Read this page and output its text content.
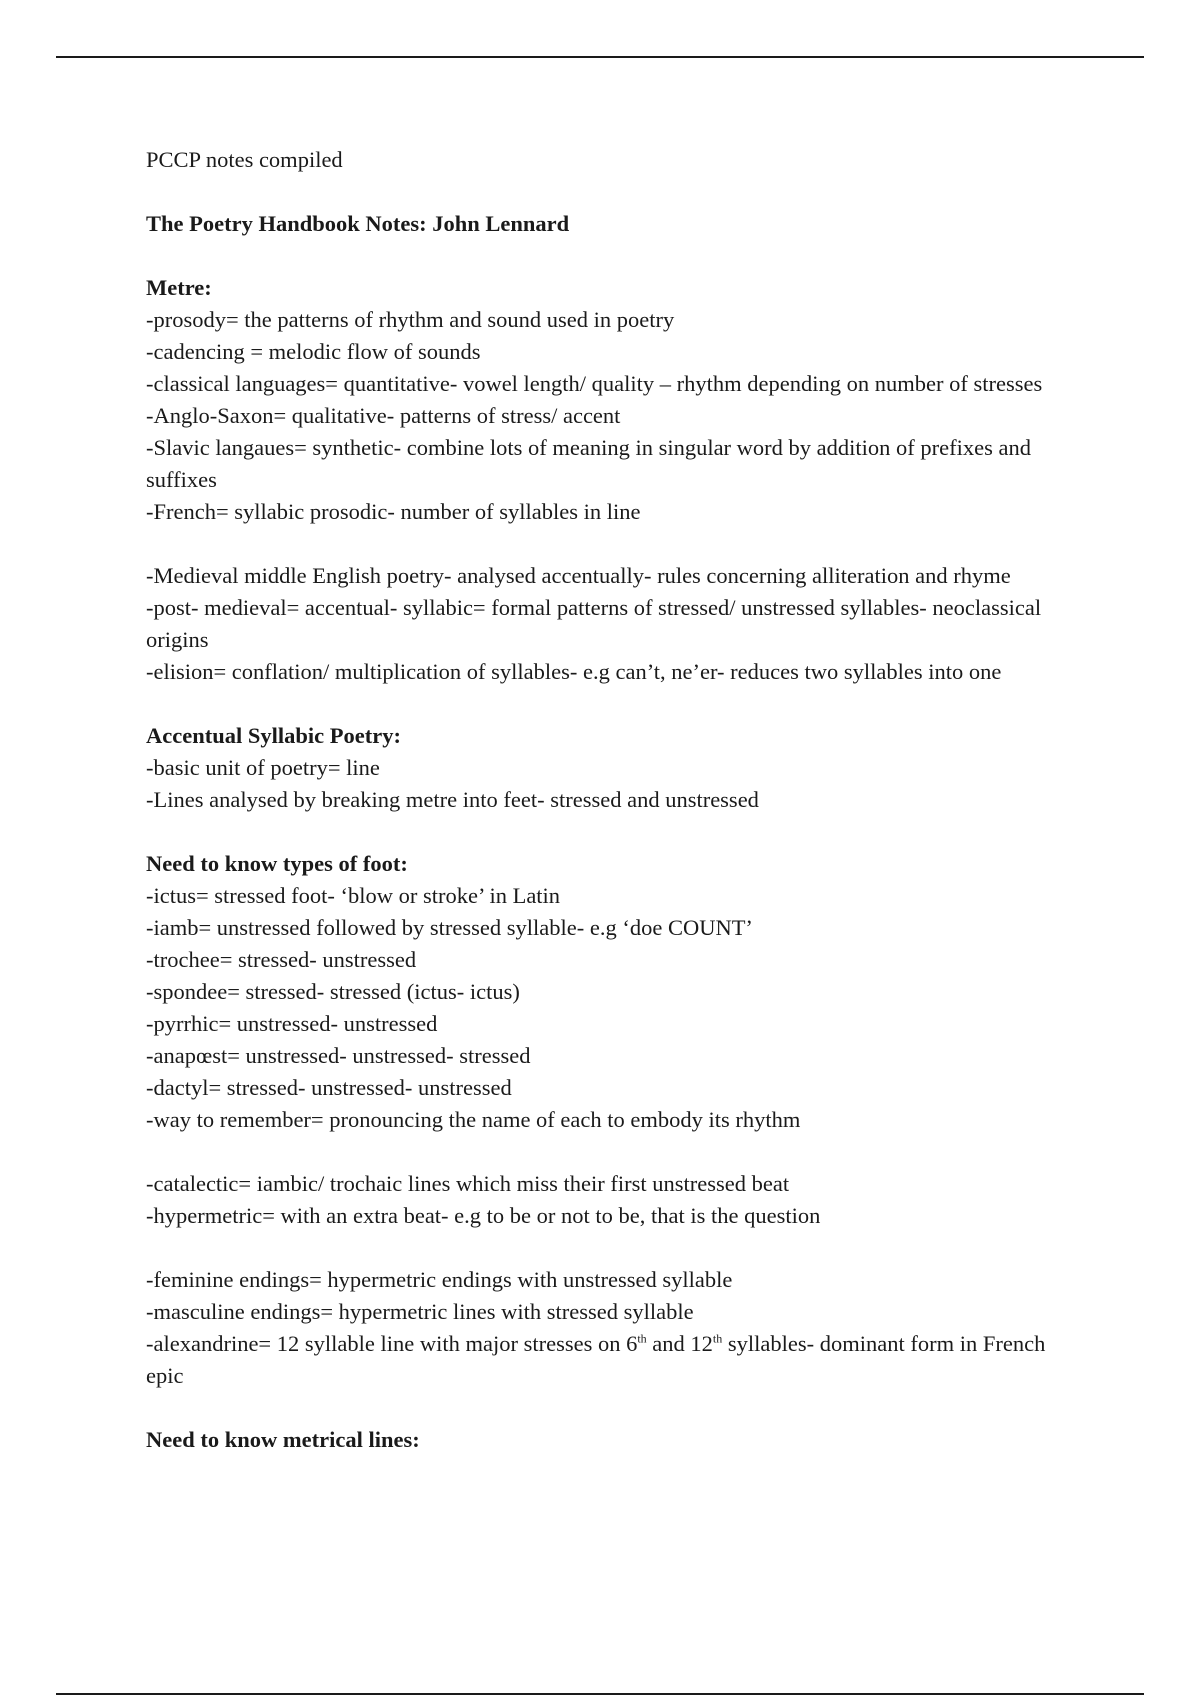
PCCP notes compiled
The Poetry Handbook Notes: John Lennard
Metre:
-prosody= the patterns of rhythm and sound used in poetry
-cadencing = melodic flow of sounds
-classical languages= quantitative- vowel length/ quality – rhythm depending on number of stresses
-Anglo-Saxon= qualitative- patterns of stress/ accent
-Slavic langaues= synthetic- combine lots of meaning in singular word by addition of prefixes and suffixes
-French= syllabic prosodic- number of syllables in line
-Medieval middle English poetry- analysed accentually- rules concerning alliteration and rhyme
-post- medieval= accentual- syllabic= formal patterns of stressed/ unstressed syllables- neoclassical origins
-elision= conflation/ multiplication of syllables- e.g can’t, ne’er- reduces two syllables into one
Accentual Syllabic Poetry:
-basic unit of poetry= line
-Lines analysed by breaking metre into feet- stressed and unstressed
Need to know types of foot:
-ictus= stressed foot- ‘blow or stroke’ in Latin
-iamb= unstressed followed by stressed syllable- e.g ‘doe COUNT’
-trochee= stressed- unstressed
-spondee= stressed- stressed (ictus- ictus)
-pyrrhic= unstressed- unstressed
-anapœst= unstressed- unstressed- stressed
-dactyl= stressed- unstressed- unstressed
-way to remember= pronouncing the name of each to embody its rhythm
-catalectic= iambic/ trochaic lines which miss their first unstressed beat
-hypermetric= with an extra beat- e.g to be or not to be, that is the question
-feminine endings= hypermetric endings with unstressed syllable
-masculine endings= hypermetric lines with stressed syllable
-alexandrine= 12 syllable line with major stresses on 6th and 12th syllables- dominant form in French epic
Need to know metrical lines:
